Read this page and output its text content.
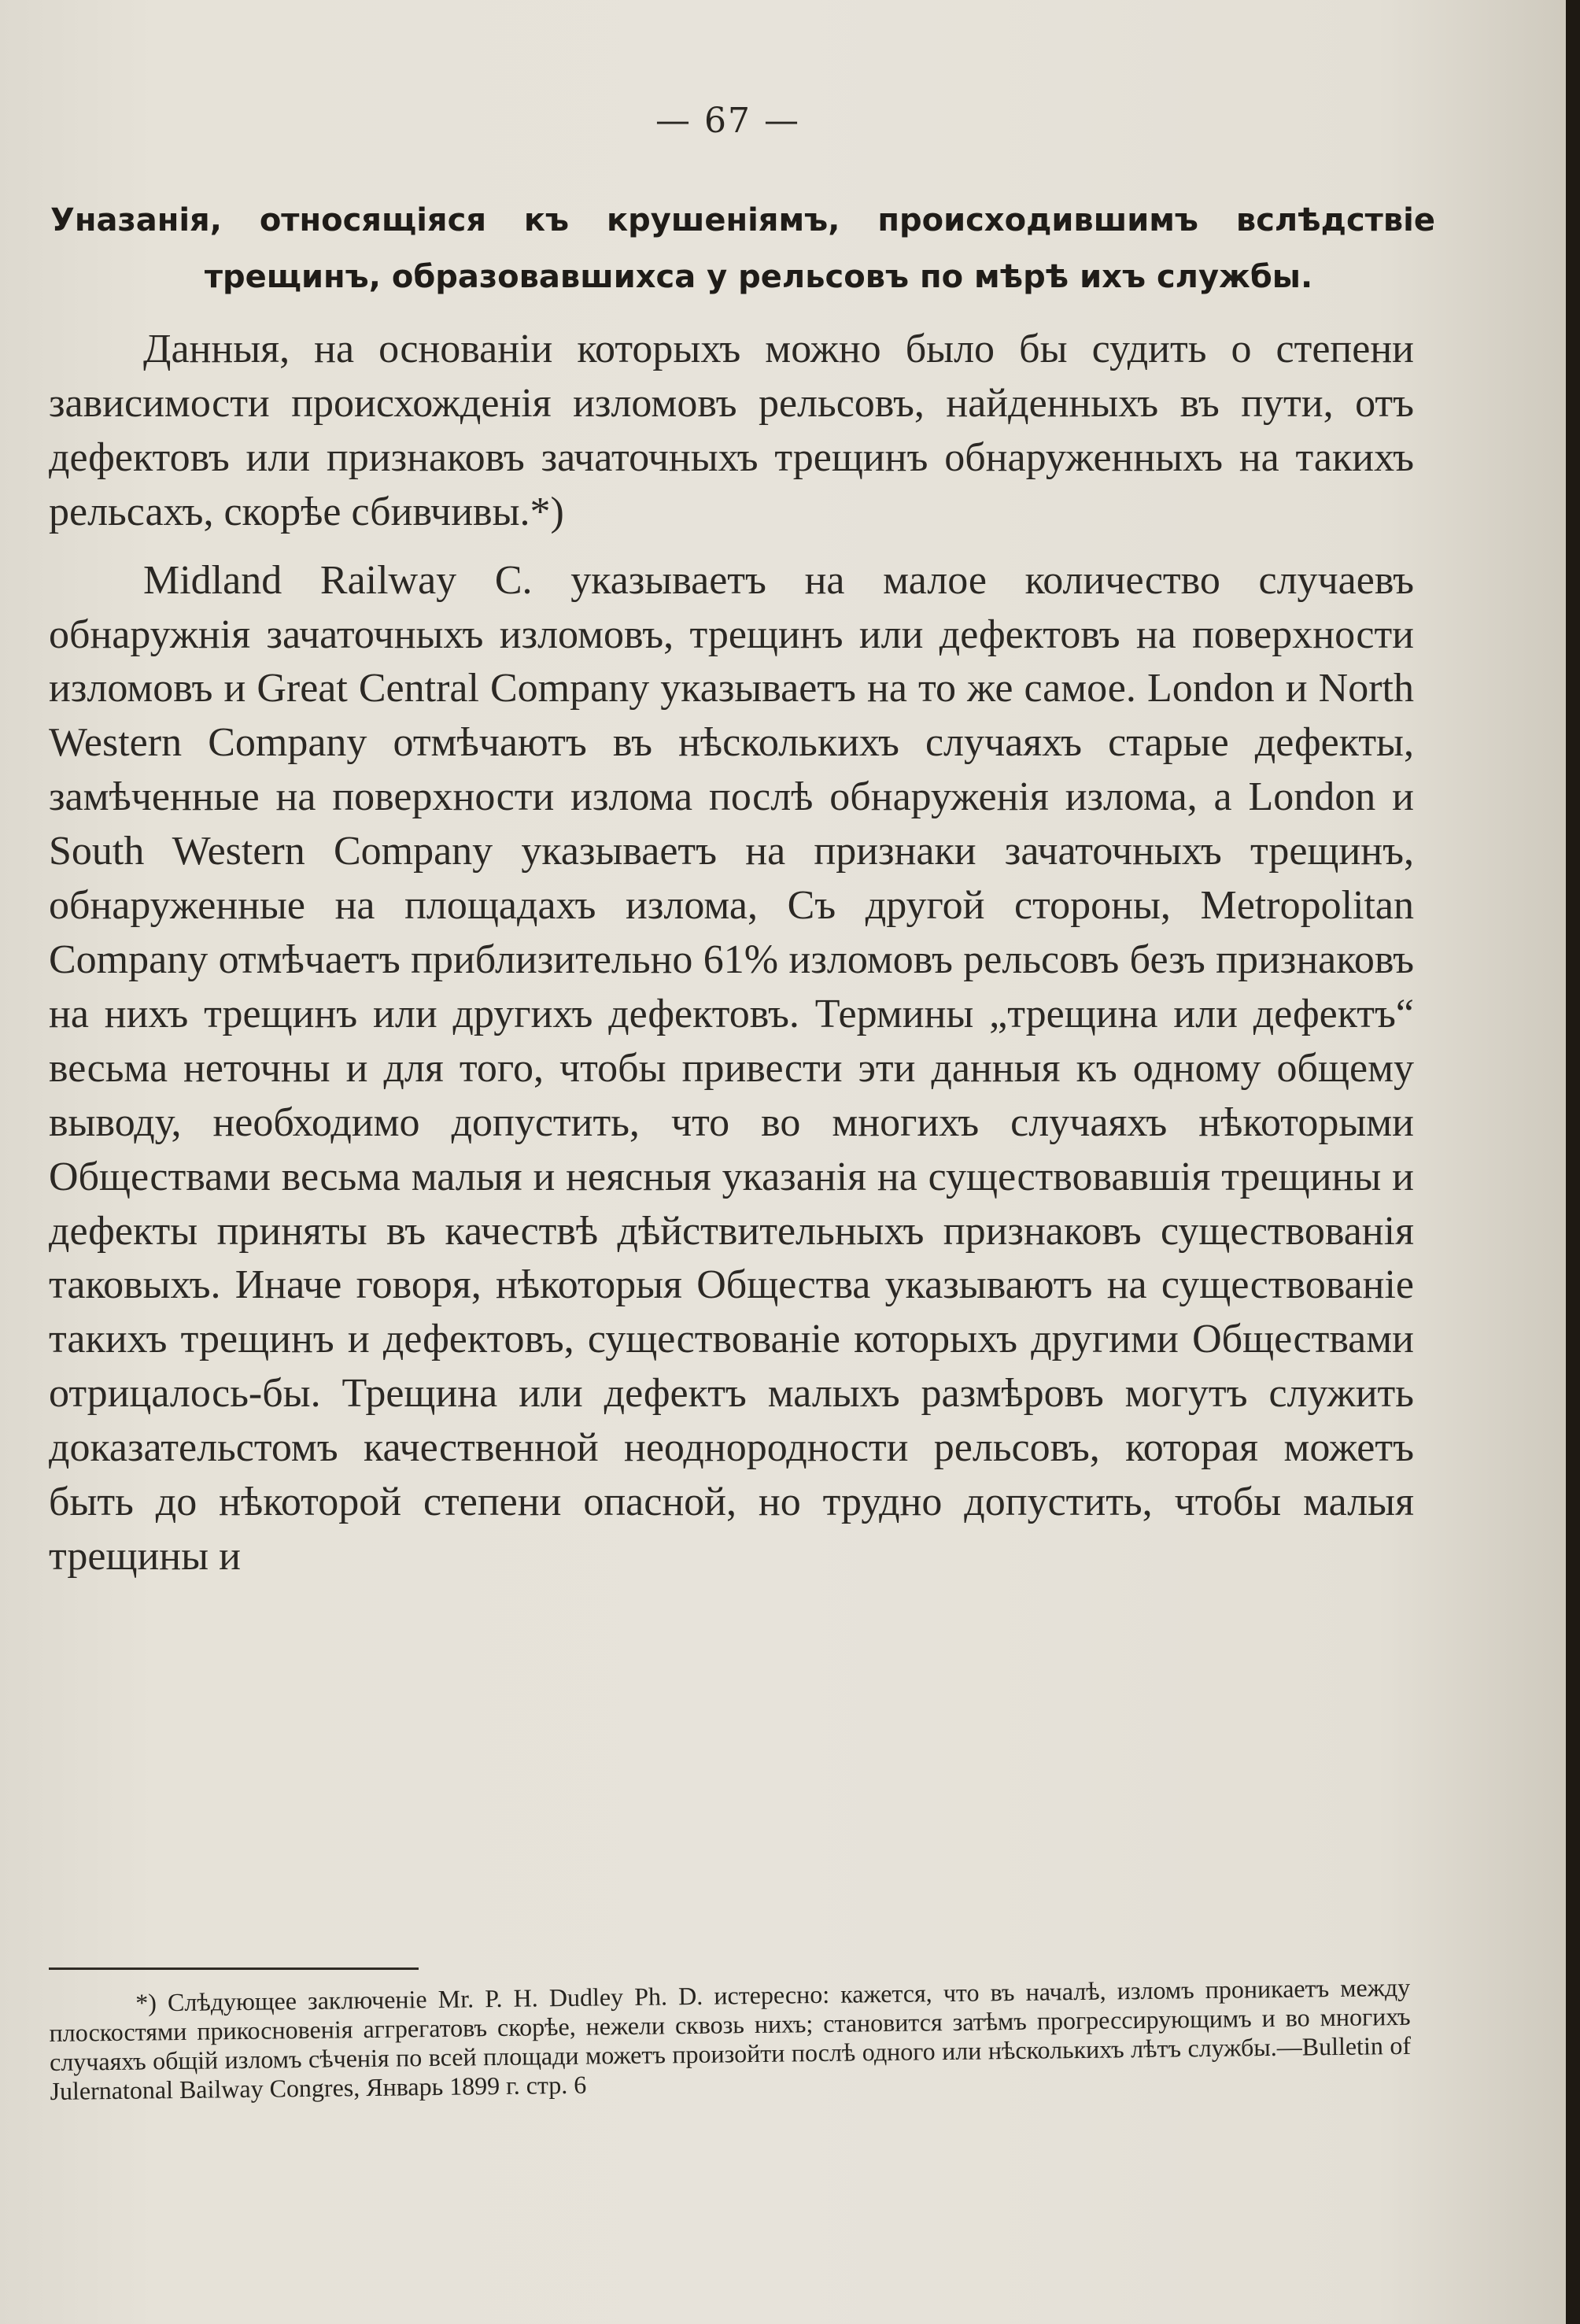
— 67 —
Уназанія, относящіяся къ крушеніямъ, происходившимъ вслѣдствіе
трещинъ, образовавшихса у рельсовъ по мѣрѣ ихъ службы.

Данныя, на основаніи которыхъ можно было бы судить о степени зависимости происхожденія изломовъ рельсовъ, найденныхъ въ пути, отъ дефектовъ или признаковъ зачаточныхъ трещинъ обнаруженныхъ на такихъ рельсахъ, скорѣе сбивчивы.*)

Midland Railway C. указываетъ на малое количество случаевъ обнаружнія зачаточныхъ изломовъ, трещинъ или дефектовъ на поверхности изломовъ и Great Central Company указываетъ на то же самое. London и North Western Company отмѣчаютъ въ нѣсколькихъ случаяхъ старые дефекты, замѣченные на поверхности излома послѣ обнаруженія излома, а London и South Western Company указываетъ на признаки зачаточныхъ трещинъ, обнаруженные на площадахъ излома, Съ другой стороны, Metropolitan Company отмѣчаетъ приблизительно 61% изломовъ рельсовъ безъ признаковъ на нихъ трещинъ или другихъ дефектовъ. Термины „трещина или дефектъ“ весьма неточны и для того, чтобы привести эти данныя къ одному общему выводу, необходимо допустить, что во многихъ случаяхъ нѣкоторыми Обществами весьма малыя и неясныя указанія на существовавшія трещины и дефекты приняты въ качествѣ дѣйствительныхъ признаковъ существованія таковыхъ. Иначе говоря, нѣкоторыя Общества указываютъ на существованіе такихъ трещинъ и дефектовъ, существованіе которыхъ другими Обществами отрицалось-бы. Трещина или дефектъ малыхъ размѣровъ могутъ служить доказательстомъ качественной неоднородности рельсовъ, которая можетъ быть до нѣкоторой степени опасной, но трудно допустить, чтобы малыя трещины и

*) Слѣдующее заключеніе Mr. P. H. Dudley Ph. D. истересно: кажется, что въ началѣ, изломъ проникаетъ между плоскостями прикосновенія аггрегатовъ скорѣе, нежели сквозь нихъ; становится затѣмъ прогрессирующимъ и во многихъ случаяхъ общій изломъ сѣченія по всей площади можетъ произойти послѣ одного или нѣсколькихъ лѣтъ службы.—Bulletin of Julernatonal Bailway Congres, Январь 1899 г. стр. 6
